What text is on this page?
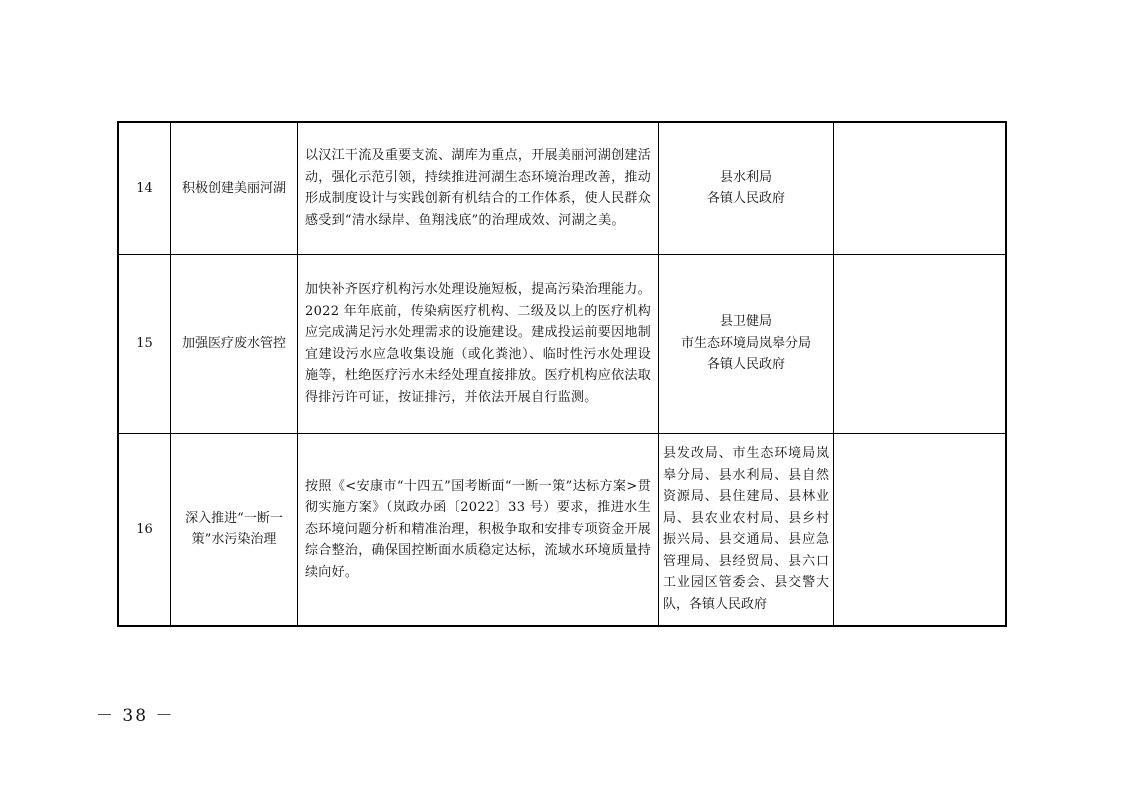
14	积极创建美丽河湖	以汉江干流及重要支流、湖库为重点，开展美丽河湖创建活动，强化示范引领，持续推进河湖生态环境治理改善，推动形成制度设计与实践创新有机结合的工作体系，使人民群众感受到“清水绿岸、鱼翔浅底”的治理成效、河湖之美。	县水利局
各镇人民政府	

15	加强医疗废水管控	加快补齐医疗机构污水处理设施短板，提高污染治理能力。2022 年年底前，传染病医疗机构、二级及以上的医疗机构应完成满足污水处理需求的设施建设。建成投运前要因地制宜建设污水应急收集设施（或化粪池）、临时性污水处理设施等，杜绝医疗污水未经处理直接排放。医疗机构应依法取得排污许可证，按证排污，并依法开展自行监测。	县卫健局
市生态环境局岚皋分局
各镇人民政府	

16	深入推进“一断一策”水污染治理	按照《<安康市“十四五”国考断面“一断一策”达标方案>贯彻实施方案》（岚政办函〔2022〕33 号）要求，推进水生态环境问题分析和精准治理，积极争取和安排专项资金开展综合整治，确保国控断面水质稳定达标，流域水环境质量持续向好。	县发改局、市生态环境局岚皋分局、县水利局、县自然资源局、县住建局、县林业局、县农业农村局、县乡村振兴局、县交通局、县应急管理局、县经贸局、县六口工业园区管委会、县交警大队，各镇人民政府	
－ 38 －
